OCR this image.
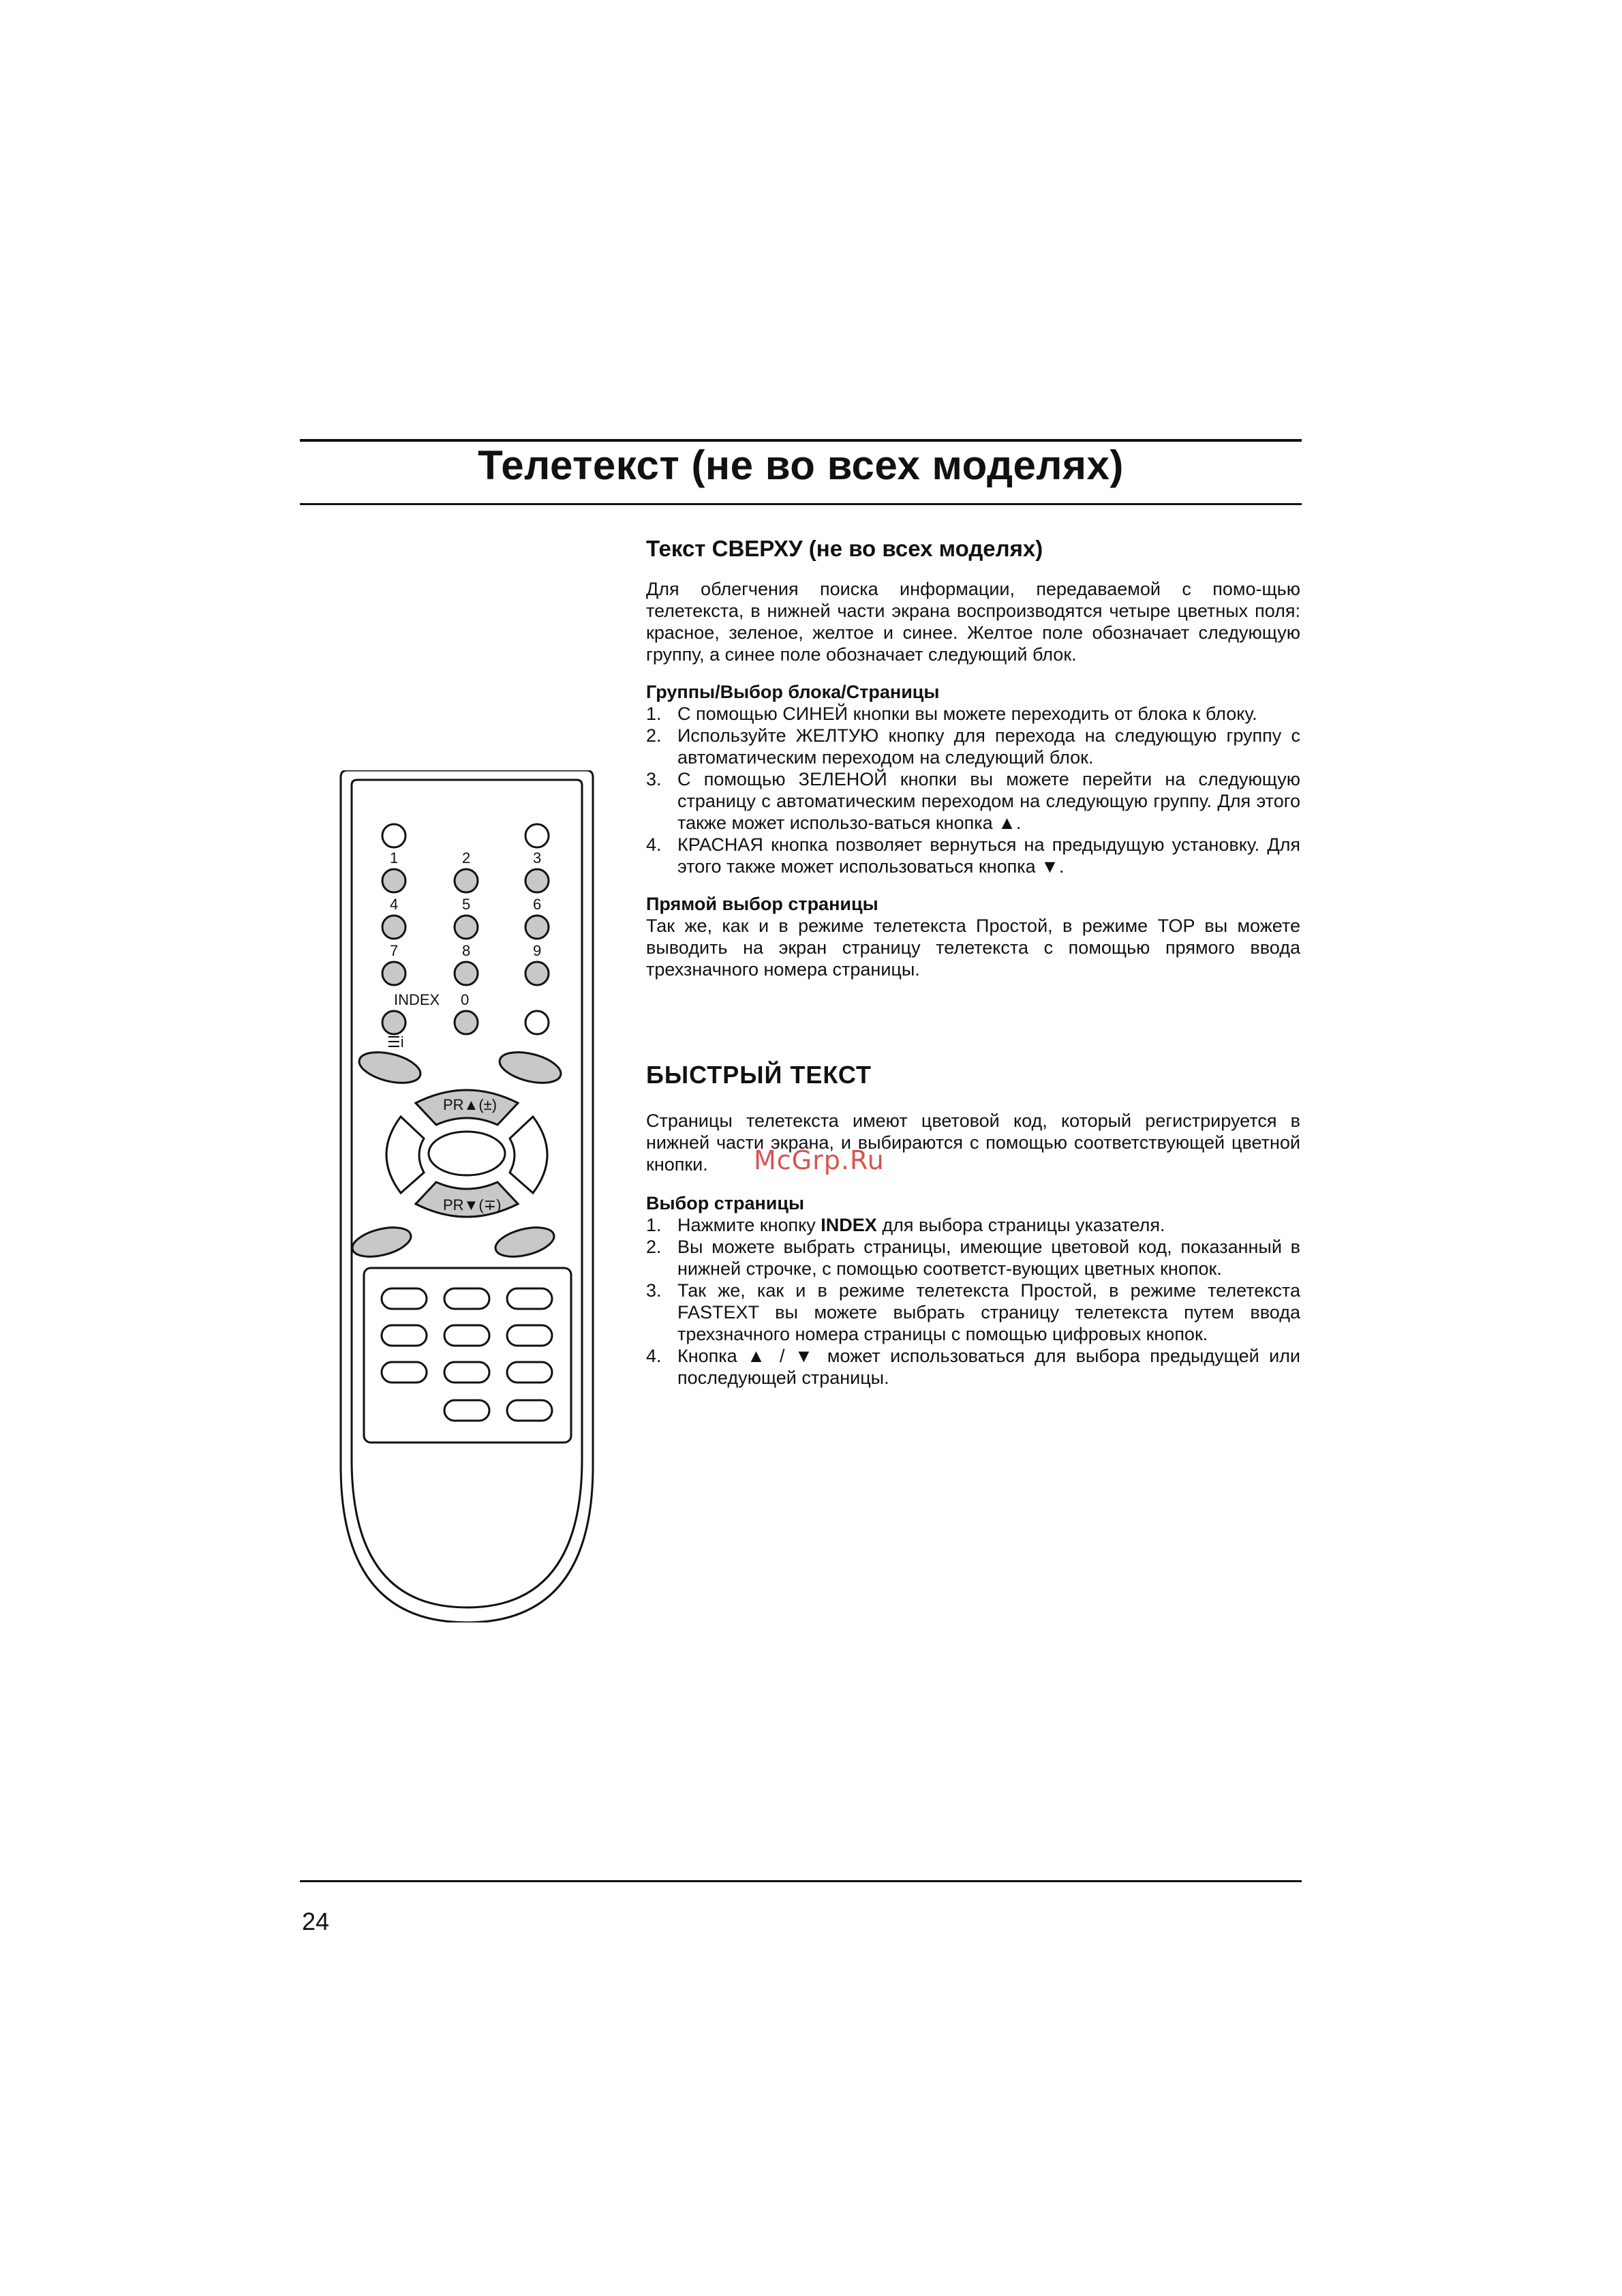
Телетекст (не во всех моделях)

Текст СВЕРХУ (не во всех моделях)

Для облегчения поиска информации, передаваемой с помо-щью телетекста, в нижней части экрана воспроизводятся четыре цветных поля: красное, зеленое, желтое и синее. Желтое поле обозначает следующую группу, а синее поле обозначает следующий блок.

Группы/Выбор блока/Страницы

1. С помощью СИНЕЙ кнопки вы можете переходить от блока к блоку.
2. Используйте ЖЕЛТУЮ кнопку для перехода на следующую группу с автоматическим переходом на следующий блок.
3. С помощью ЗЕЛЕНОЙ кнопки вы можете перейти на следующую страницу с автоматическим переходом на следующую группу. Для этого также может использо-ваться кнопка ▲.
4. КРАСНАЯ кнопка позволяет вернуться на предыдущую установку. Для этого также может использоваться кнопка ▼.

Прямой выбор страницы

Так же, как и в режиме телетекста Простой, в режиме TOP вы можете выводить на экран страницу телетекста с помощью прямого ввода трехзначного номера страницы.

БЫСТРЫЙ ТЕКСТ

Страницы телетекста имеют цветовой код, который регистрируется в нижней части экрана, и выбираются с помощью соответствующей цветной кнопки.

Выбор страницы

1. Нажмите кнопку INDEX для выбора страницы указателя.
2. Вы можете выбрать страницы, имеющие цветовой код, показанный в нижней строчке, с помощью соответст-вующих цветных кнопок.
3. Так же, как и в режиме телетекста Простой, в режиме телетекста FASTEXT вы можете выбрать страницу телетекста путем ввода трехзначного номера страницы с помощью цифровых кнопок.
4. Кнопка ▲ / ▼ может использоваться для выбора предыдущей или последующей страницы.
McGrp.Ru
1	2	3
4	5	6
7	8	9
INDEX 0
☰i
PR▲(±)
PR▼(∓)
24
